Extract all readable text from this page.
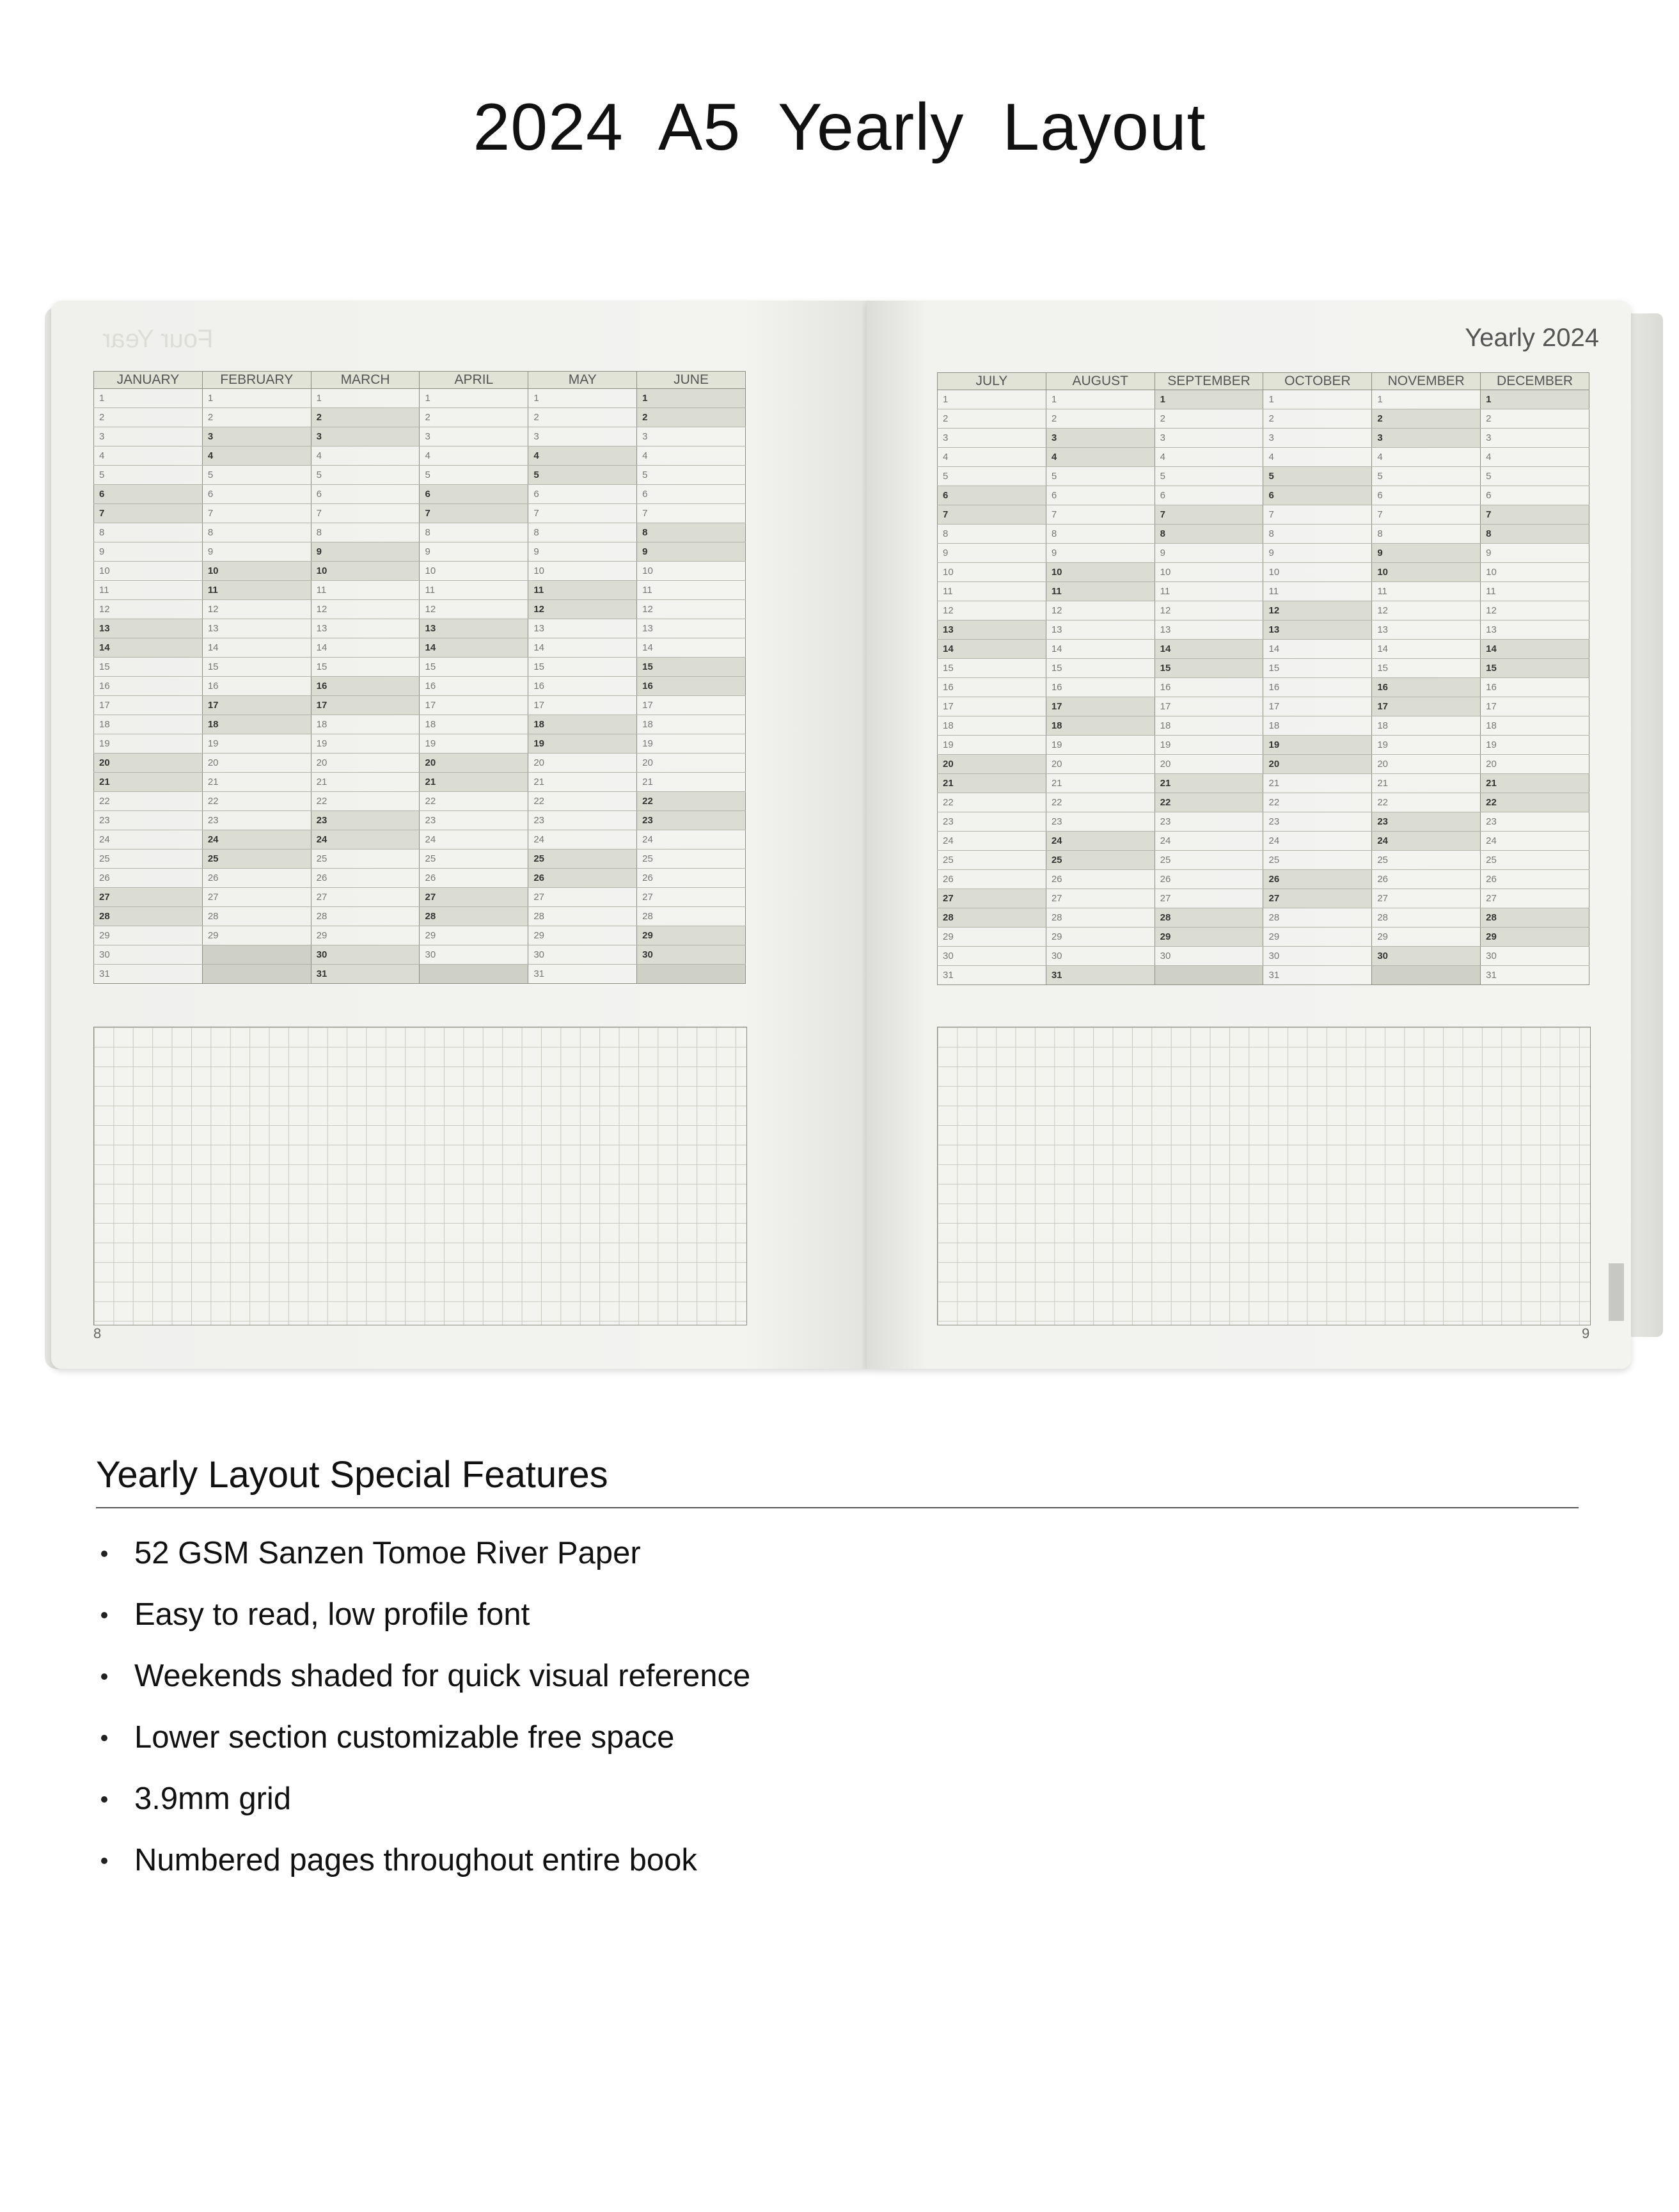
2024 A5 Yearly Layout
Four Year
JANUARY	FEBRUARY	MARCH	APRIL	MAY	JUNE
1	1	1	1	1	1
2	2	2	2	2	2
3	3	3	3	3	3
4	4	4	4	4	4
5	5	5	5	5	5
6	6	6	6	6	6
7	7	7	7	7	7
8	8	8	8	8	8
9	9	9	9	9	9
10	10	10	10	10	10
11	11	11	11	11	11
12	12	12	12	12	12
13	13	13	13	13	13
14	14	14	14	14	14
15	15	15	15	15	15
16	16	16	16	16	16
17	17	17	17	17	17
18	18	18	18	18	18
19	19	19	19	19	19
20	20	20	20	20	20
21	21	21	21	21	21
22	22	22	22	22	22
23	23	23	23	23	23
24	24	24	24	24	24
25	25	25	25	25	25
26	26	26	26	26	26
27	27	27	27	27	27
28	28	28	28	28	28
29	29	29	29	29	29
30		30	30	30	30
31		31		31	
8
Yearly 2024
JULY	AUGUST	SEPTEMBER	OCTOBER	NOVEMBER	DECEMBER
1	1	1	1	1	1
2	2	2	2	2	2
3	3	3	3	3	3
4	4	4	4	4	4
5	5	5	5	5	5
6	6	6	6	6	6
7	7	7	7	7	7
8	8	8	8	8	8
9	9	9	9	9	9
10	10	10	10	10	10
11	11	11	11	11	11
12	12	12	12	12	12
13	13	13	13	13	13
14	14	14	14	14	14
15	15	15	15	15	15
16	16	16	16	16	16
17	17	17	17	17	17
18	18	18	18	18	18
19	19	19	19	19	19
20	20	20	20	20	20
21	21	21	21	21	21
22	22	22	22	22	22
23	23	23	23	23	23
24	24	24	24	24	24
25	25	25	25	25	25
26	26	26	26	26	26
27	27	27	27	27	27
28	28	28	28	28	28
29	29	29	29	29	29
30	30	30	30	30	30
31	31		31		31
9
Yearly Layout Special Features
52 GSM Sanzen Tomoe River Paper
Easy to read, low profile font
Weekends shaded for quick visual reference
Lower section customizable free space
3.9mm grid
Numbered pages throughout entire book
